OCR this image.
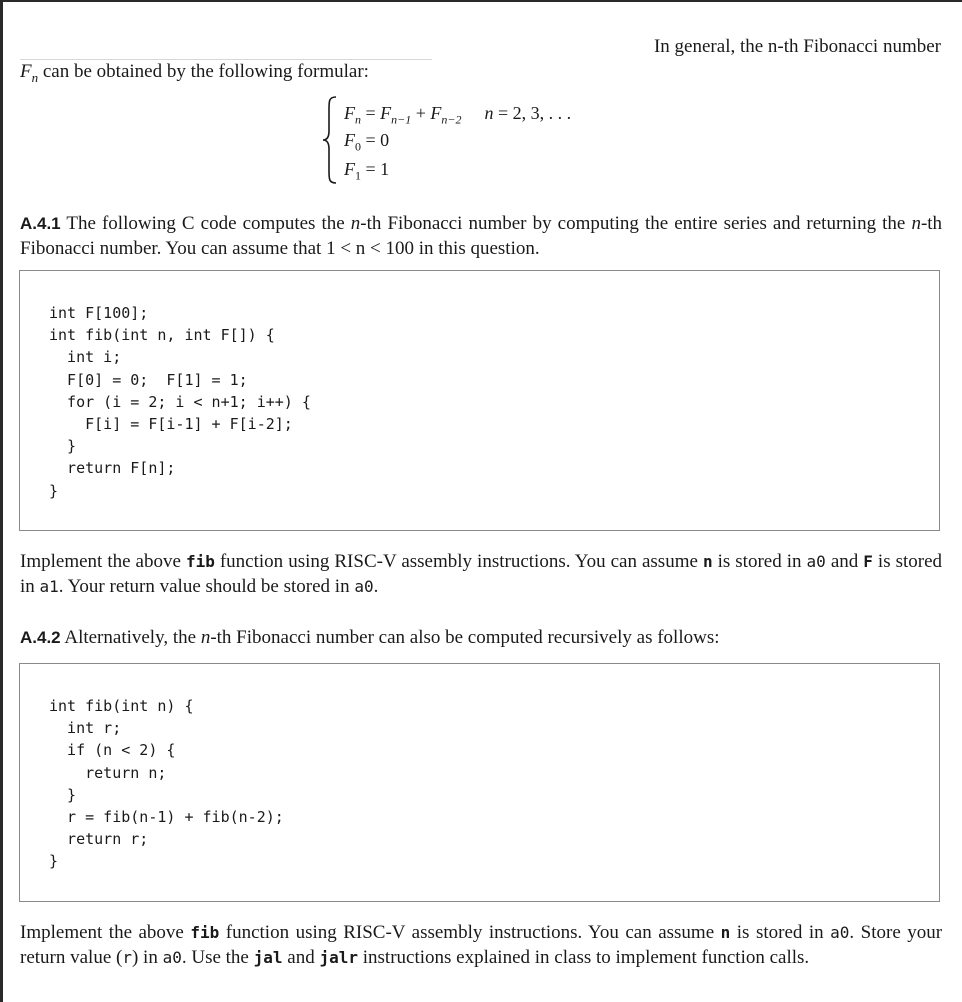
In general, the n-th Fibonacci number
$F_n$ can be obtained by the following formular:
$F_n = F_{n-1} + F_{n-2}$ n = 2, 3, . . .
$F_0 = 0$
$F_1 = 1$
A.4.1 The following C code computes the n-th Fibonacci number by computing the entire series and returning the n-th Fibonacci number. You can assume that 1 < n < 100 in this question.
int F[100];
int fib(int n, int F[]) {
int i;
F[0] = 0;  F[1] = 1;
for (i = 2; i < n+1; i++) {
F[i] = F[i-1] + F[i-2];
}
return F[n];
}
Implement the above fib function using RISC-V assembly instructions. You can assume n is stored in a0 and F is stored in a1. Your return value should be stored in a0.
A.4.2 Alternatively, the n-th Fibonacci number can also be computed recursively as follows:
int fib(int n) {
int r;
if (n < 2) {
return n;
}
r = fib(n-1) + fib(n-2);
return r;
}
Implement the above fib function using RISC-V assembly instructions. You can assume n is stored in a0. Store your return value (r) in a0. Use the jal and jalr instructions explained in class to implement function calls.
